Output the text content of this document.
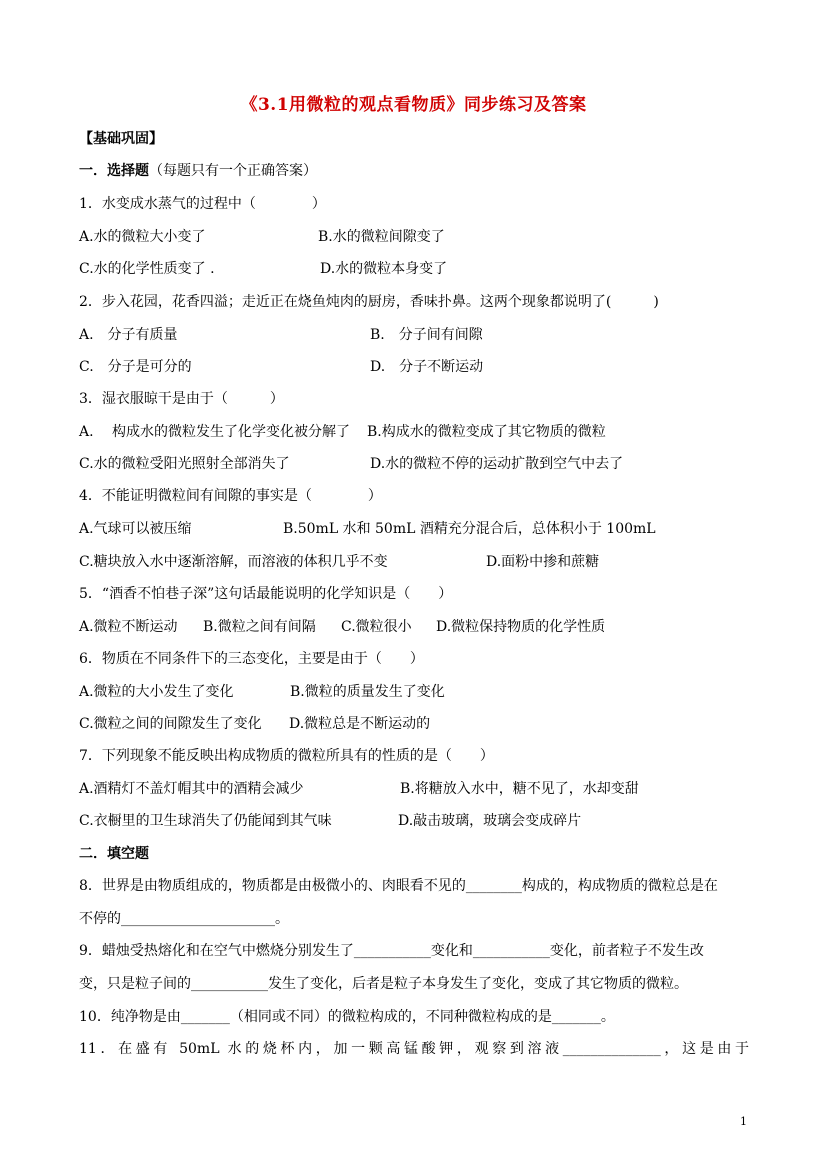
《3.1用微粒的观点看物质》同步练习及答案
【基础巩固】
一．选择题（每题只有一个正确答案）
1．水变成水蒸气的过程中（　　　　）
A.水的微粒大小变了	B.水的微粒间隙变了
C.水的化学性质变了 .	D.水的微粒本身变了
2．步入花园，花香四溢；走近正在烧鱼炖肉的厨房，香味扑鼻。这两个现象都说明了(　　　)
A.　分子有质量	B.　分子间有间隙
C.　分子是可分的	D.　分子不断运动
3．湿衣服晾干是由于（　　　）
A.　 构成水的微粒发生了化学变化被分解了 B.构成水的微粒变成了其它物质的微粒
C.水的微粒受阳光照射全部消失了	D.水的微粒不停的运动扩散到空气中去了
4．不能证明微粒间有间隙的事实是（　　　　）
A.气球可以被压缩	B.50mL 水和 50mL 酒精充分混合后，总体积小于 100mL
C.糖块放入水中逐渐溶解，而溶液的体积几乎不变	D.面粉中掺和蔗糖
5．“酒香不怕巷子深”这句话最能说明的化学知识是（　　）
A.微粒不断运动 B.微粒之间有间隔 C.微粒很小 D.微粒保持物质的化学性质
6．物质在不同条件下的三态变化，主要是由于（　　）
A.微粒的大小发生了变化	B.微粒的质量发生了变化
C.微粒之间的间隙发生了变化 D.微粒总是不断运动的
7．下列现象不能反映出构成物质的微粒所具有的性质的是（　　）
A.酒精灯不盖灯帽其中的酒精会减少	B.将糖放入水中，糖不见了，水却变甜
C.衣橱里的卫生球消失了仍能闻到其气味	D.敲击玻璃，玻璃会变成碎片
二．填空题
8．世界是由物质组成的，物质都是由极微小的、肉眼看不见的________构成的，构成物质的微粒总是在
不停的______________________。
9．蜡烛受热熔化和在空气中燃烧分别发生了___________变化和___________变化，前者粒子不发生改
变，只是粒子间的___________发生了变化，后者是粒子本身发生了变化，变成了其它物质的微粒。
10．纯净物是由_______（相同或不同）的微粒构成的，不同种微粒构成的是_______。
11．在盛有 50mL 水的烧杯内，加一颗高锰酸钾，观察到溶液______________，这是由于
1
